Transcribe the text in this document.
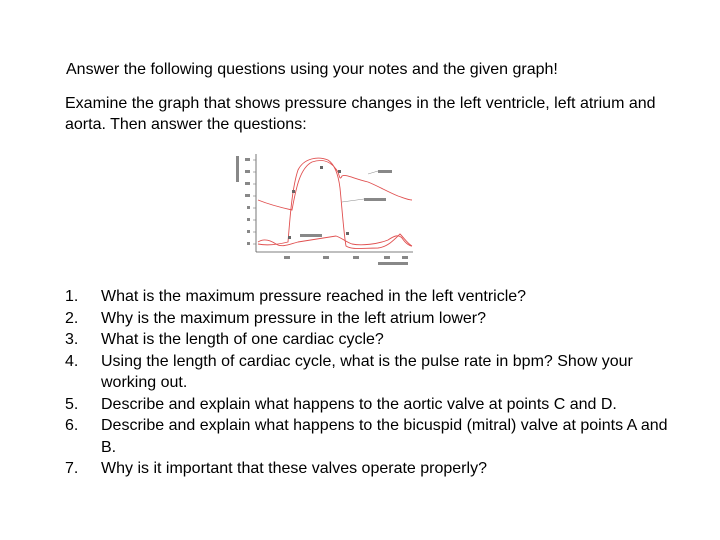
Answer the following questions using your notes and the given graph!

Examine the graph that shows pressure changes in the left ventricle, left atrium and aorta. Then answer the questions:

1. What is the maximum pressure reached in the left ventricle?
2. Why is the maximum pressure in the left atrium lower?
3. What is the length of one cardiac cycle?
4. Using the length of cardiac cycle, what is the pulse rate in bpm? Show your working out.
5. Describe and explain what happens to the aortic valve at points C and D.
6. Describe and explain what happens to the bicuspid (mitral) valve at points A and B.
7. Why is it important that these valves operate properly?
